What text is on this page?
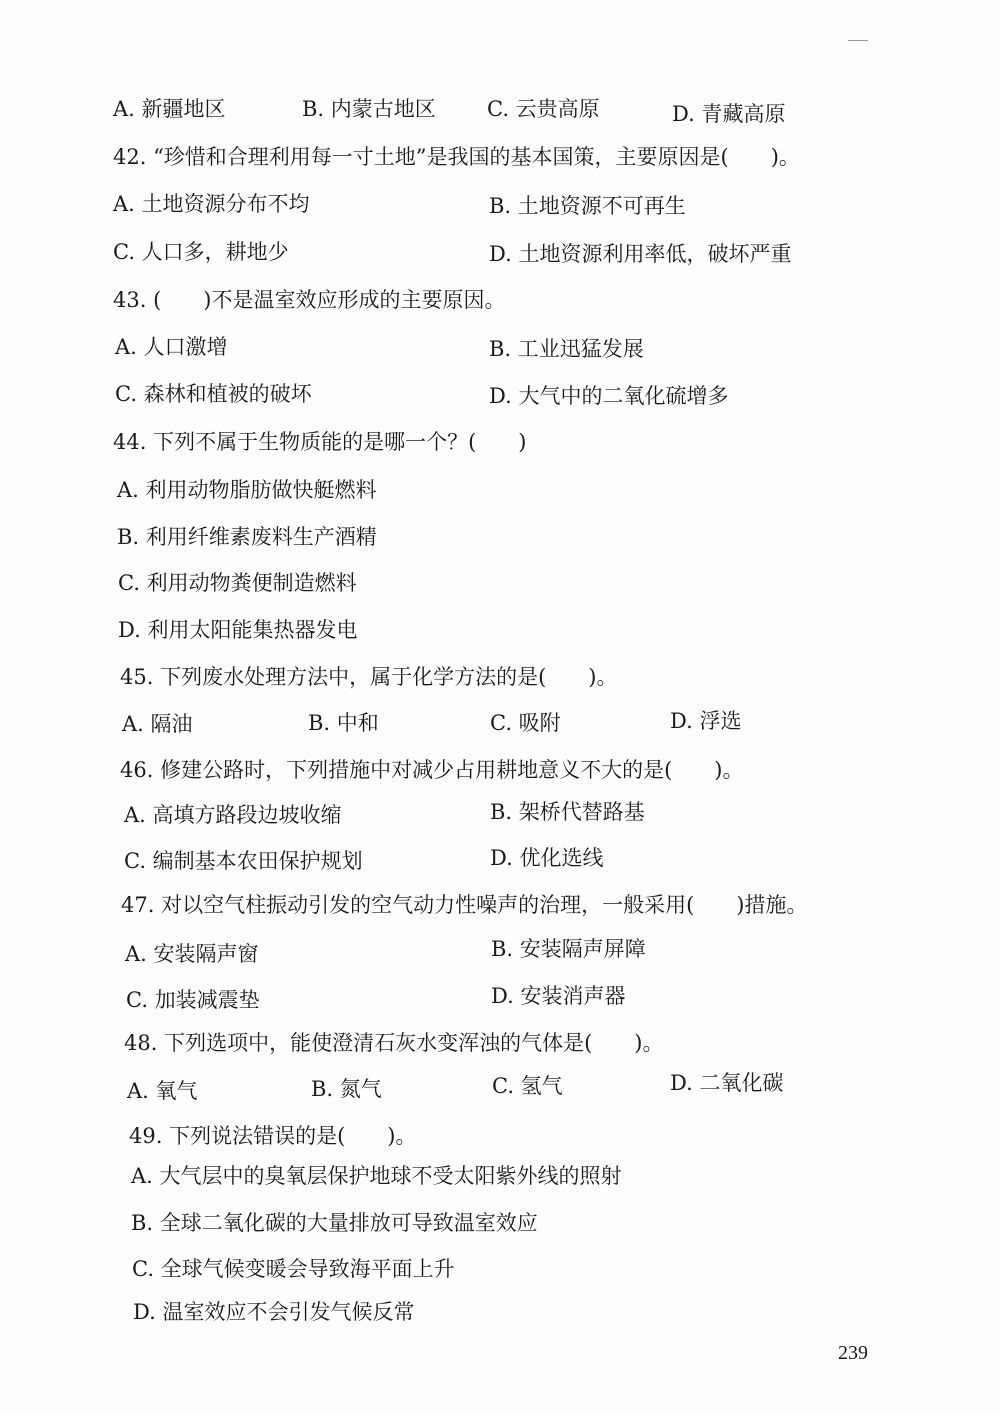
A. 新疆地区	B. 内蒙古地区 C. 云贵高原	D. 青藏高原
42. “珍惜和合理利用每一寸土地”是我国的基本国策，主要原因是(　　)。
A. 土地资源分布不均	B. 土地资源不可再生
C. 人口多，耕地少	D. 土地资源利用率低，破坏严重
43. (　　)不是温室效应形成的主要原因。
A. 人口激增	B. 工业迅猛发展
C. 森林和植被的破坏	D. 大气中的二氧化硫增多
44. 下列不属于生物质能的是哪一个？(　　)
A. 利用动物脂肪做快艇燃料
B. 利用纤维素废料生产酒精
C. 利用动物粪便制造燃料
D. 利用太阳能集热器发电
45. 下列废水处理方法中，属于化学方法的是(　　)。
A. 隔油	B. 中和	C. 吸附	D. 浮选
46. 修建公路时，下列措施中对减少占用耕地意义不大的是(　　)。
A. 高填方路段边坡收缩	B. 架桥代替路基
C. 编制基本农田保护规划	D. 优化选线
47. 对以空气柱振动引发的空气动力性噪声的治理，一般采用(　　)措施。
A. 安装隔声窗	B. 安装隔声屏障
C. 加装减震垫	D. 安装消声器
48. 下列选项中，能使澄清石灰水变浑浊的气体是(　　)。
A. 氧气	B. 氮气	C. 氢气	D. 二氧化碳
49. 下列说法错误的是(　　)。
A. 大气层中的臭氧层保护地球不受太阳紫外线的照射
B. 全球二氧化碳的大量排放可导致温室效应
C. 全球气候变暖会导致海平面上升
D. 温室效应不会引发气候反常
239
